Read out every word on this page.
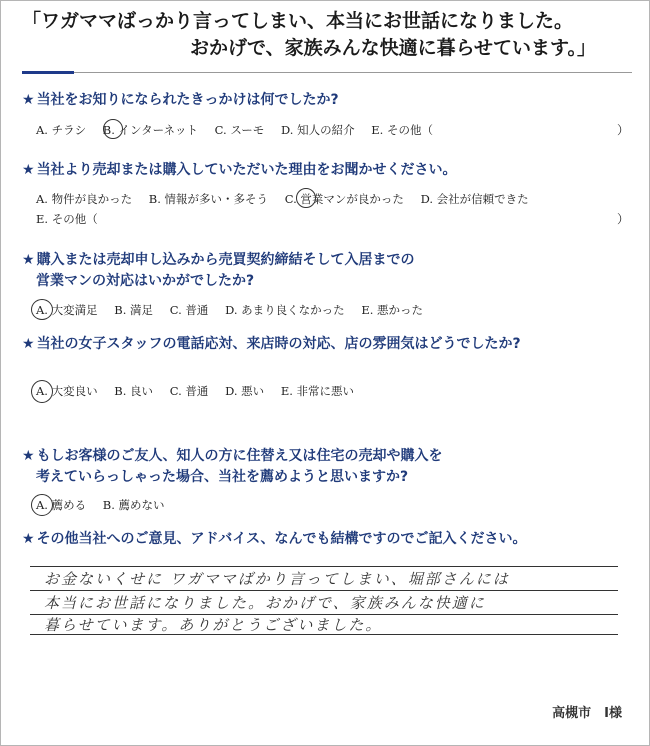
「ワガママばっかり言ってしまい、本当にお世話になりました。
おかげで、家族みんな快適に暮らせています。」
★ 当社をお知りになられたきっかけは何でしたか?
A. チラシ B. インターネット C. スーモ D. 知人の紹介 E. その他（	）
★ 当社より売却または購入していただいた理由をお聞かせください。
A. 物件が良かった B. 情報が多い・多そう C. 営業マンが良かった D. 会社が信頼できた
E. その他（	）
★ 購入または売却申し込みから売買契約締結そして入居までの
営業マンの対応はいかがでしたか?
A. 大変満足 B. 満足 C. 普通 D. あまり良くなかった E. 悪かった
★ 当社の女子スタッフの電話応対、来店時の対応、店の雰囲気はどうでしたか?
A. 大変良い B. 良い C. 普通 D. 悪い E. 非常に悪い
★ もしお客様のご友人、知人の方に住替え又は住宅の売却や購入を
考えていらっしゃった場合、当社を薦めようと思いますか?
A. 薦める B. 薦めない
★ その他当社へのご意見、アドバイス、なんでも結構ですのでご記入ください。
お金ないくせに ワガママばかり言ってしまい、堀部さんには
本当にお世話になりました。おかげで、家族みんな快適に
暮らせています。ありがとうございました。
高槻市　I様
